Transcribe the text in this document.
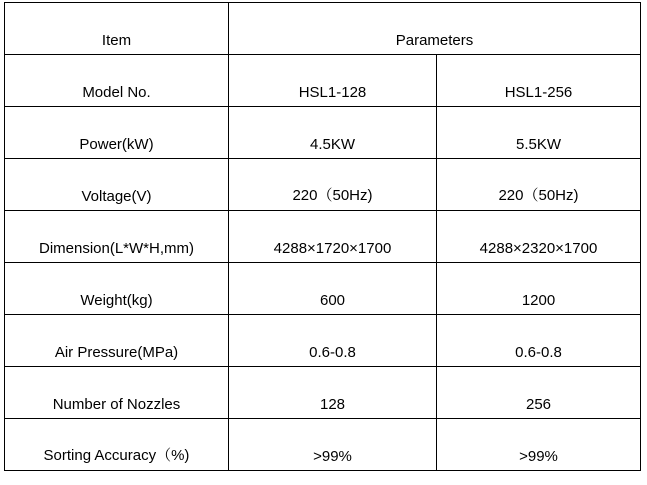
Item	Parameters	
Model No.	HSL1-128	HSL1-256
Power(kW)	4.5KW	5.5KW
Voltage(V)	220（50Hz)	220（50Hz)
Dimension(L*W*H,mm)	4288×1720×1700	4288×2320×1700
Weight(kg)	600	1200
Air Pressure(MPa)	0.6-0.8	0.6-0.8
Number of Nozzles	128	256
Sorting Accuracy（%)	>99%	>99%
